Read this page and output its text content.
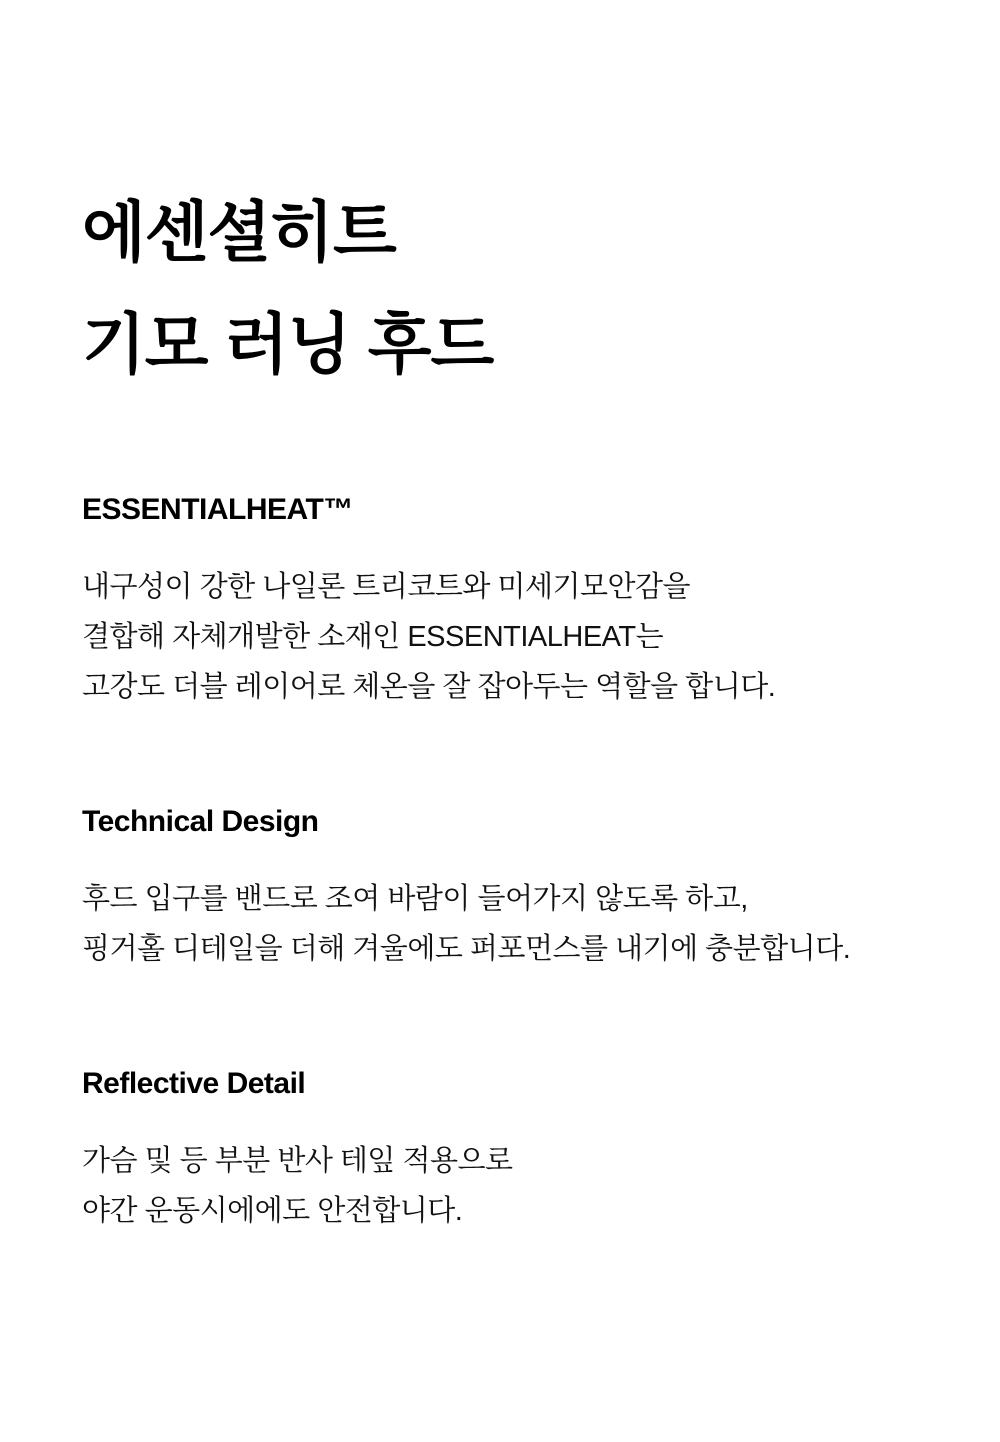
에센셜히트
기모 러닝 후드
ESSENTIALHEAT™

내구성이 강한 나일론 트리코트와 미세기모안감을

결합해 자체개발한 소재인 ESSENTIALHEAT는

고강도 더블 레이어로 체온을 잘 잡아두는 역할을 합니다.

Technical Design

후드 입구를 밴드로 조여 바람이 들어가지 않도록 하고,

핑거홀 디테일을 더해 겨울에도 퍼포먼스를 내기에 충분합니다.

Reflective Detail

가슴 및 등 부분 반사 테잎 적용으로

야간 운동시에에도 안전합니다.
